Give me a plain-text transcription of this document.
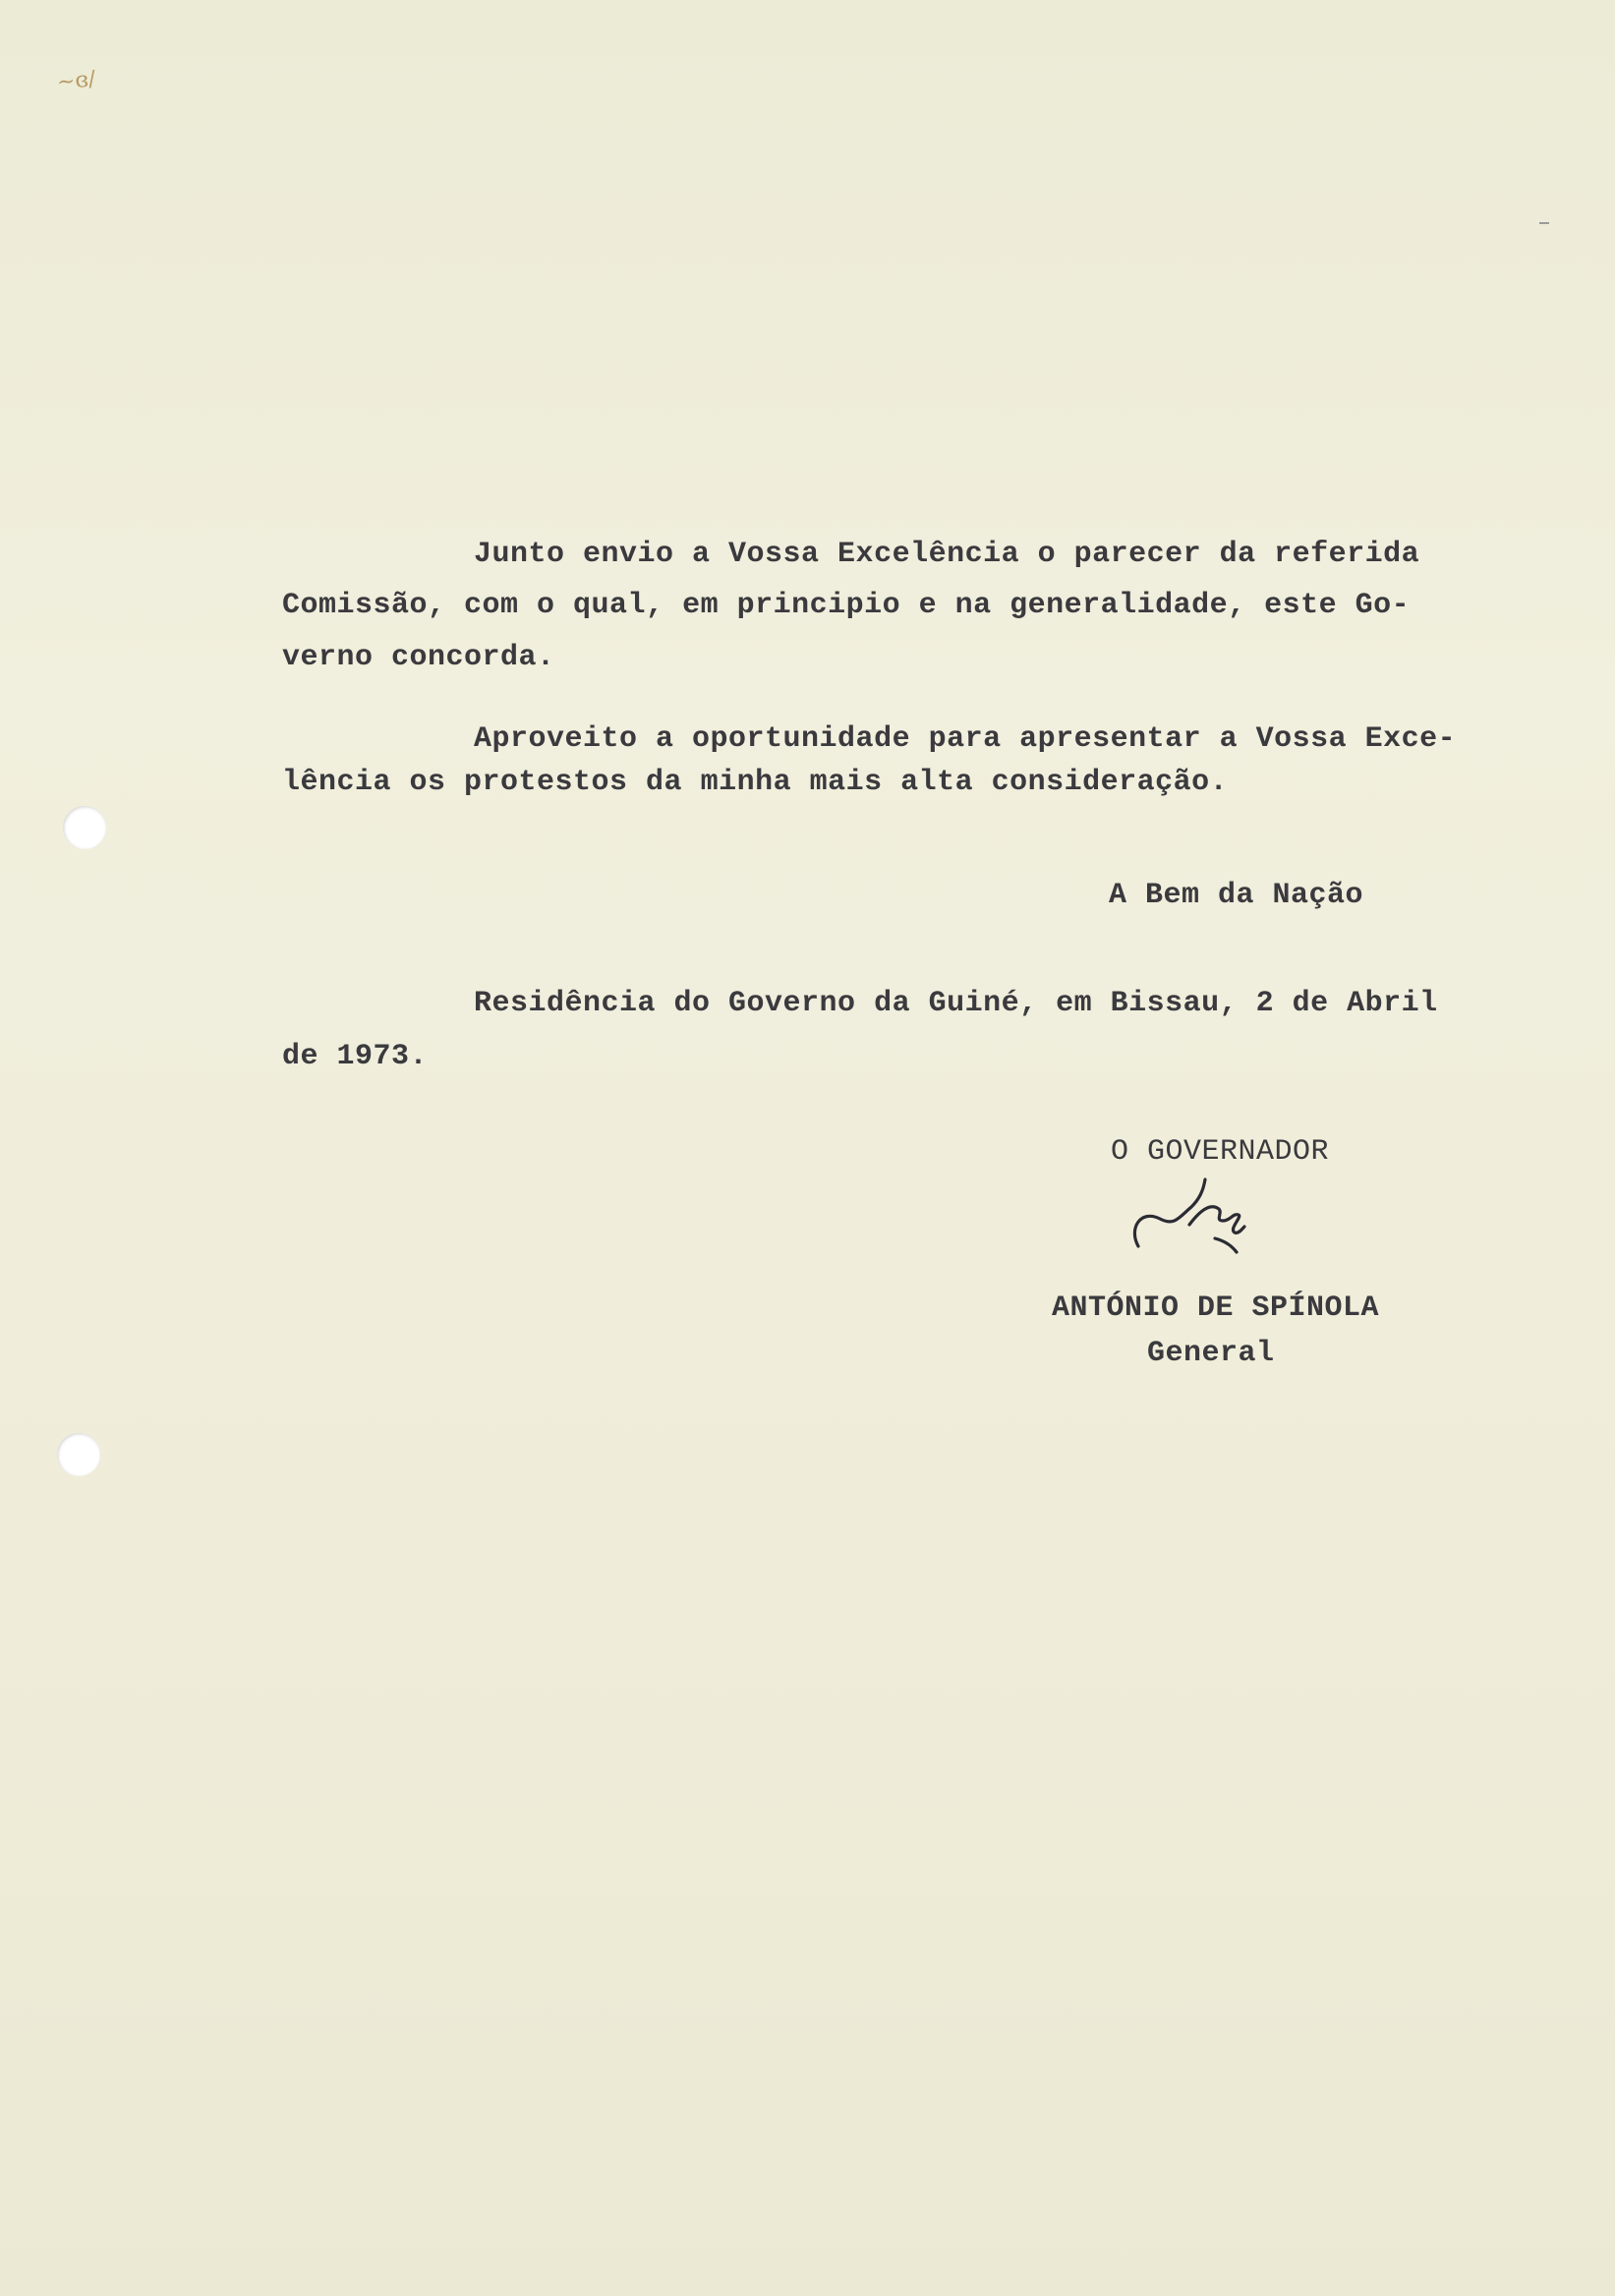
~ɞ/
Junto envio a Vossa Excelência o parecer da referida
Comissão, com o qual, em principio e na generalidade, este Go-
verno concorda.
Aproveito a oportunidade para apresentar a Vossa Exce-
lência os protestos da minha mais alta consideração.
A Bem da Nação
Residência do Governo da Guiné, em Bissau, 2 de Abril
de 1973.
O GOVERNADOR
ANTÓNIO DE SPÍNOLA
General
